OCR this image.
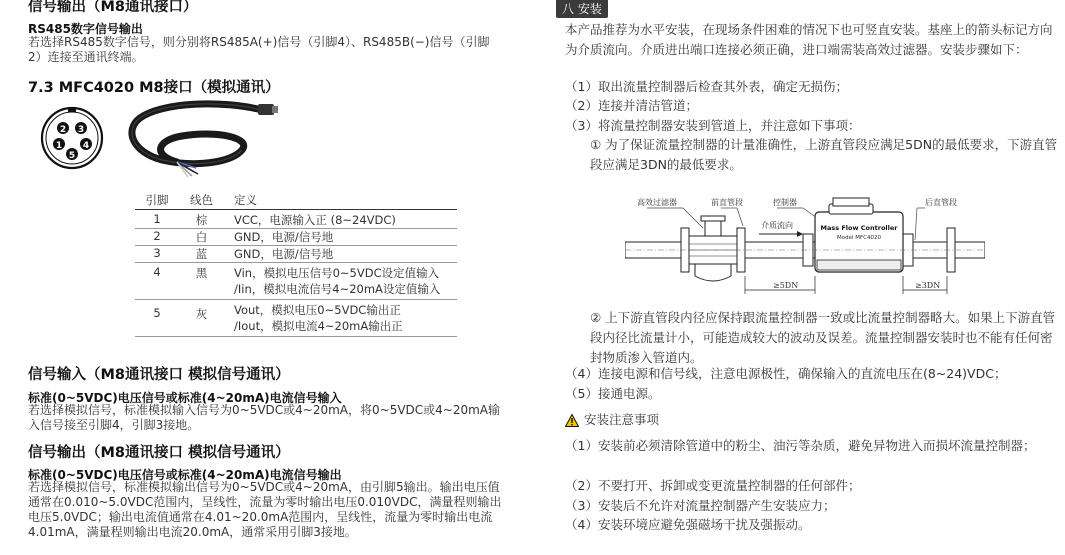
信号输出（M8通讯接口）
RS485数字信号输出
若选择RS485数字信号，则分别将RS485A(+)信号（引脚4）、RS485B(−)信号（引脚2）连接至通讯终端。
7.3 MFC4020 M8接口（模拟通讯）
2 3
1
5
4
引脚	线色	定义
1	棕	VCC，电源输入正 (8~24VDC)
2	白	GND，电源/信号地
3	蓝	GND，电源/信号地
4	黑	Vin，模拟电压信号0~5VDC设定值输入
/Iin，模拟电流信号4~20mA设定值输入

5	灰	Vout，模拟电压0~5VDC输出正
/Iout，模拟电流4~20mA输出正

信号输入（M8通讯接口 模拟信号通讯）
标准(0~5VDC)电压信号或标准(4~20mA)电流信号输入
若选择模拟信号，标准模拟输入信号为0~5VDC或4~20mA，将0~5VDC或4~20mA输入信号接至引脚4，引脚3接地。
信号输出（M8通讯接口 模拟信号通讯）
标准(0~5VDC)电压信号或标准(4~20mA)电流信号输出
若选择模拟信号，标准模拟输出信号为0~5VDC或4~20mA，由引脚5输出。输出电压值通常在0.010~5.0VDC范围内，呈线性，流量为零时输出电压0.010VDC，满量程则输出电压5.0VDC；输出电流值通常在4.01~20.0mA范围内，呈线性，流量为零时输出电流4.01mA，满量程则输出电流20.0mA，通常采用引脚3接地。
八 安装
本产品推荐为水平安装，在现场条件困难的情况下也可竖直安装。基座上的箭头标记方向为介质流向。介质进出端口连接必须正确，进口端需装高效过滤器。安装步骤如下：
（1）取出流量控制器后检查其外表，确定无损伤；
（2）连接并清洁管道；
（3）将流量控制器安装到管道上，并注意如下事项：
① 为了保证流量控制器的计量准确性，上游直管段应满足5DN的最低要求，下游直管段应满足3DN的最低要求。
高效过滤器	前直管段	控制器	后直管段
介质流向
≥5DN	≥3DN
Mass Flow Controller
Model MFC4020
② 上下游直管段内径应保持跟流量控制器一致或比流量控制器略大。如果上下游直管段内径比流量计小，可能造成较大的波动及误差。流量控制器安装时也不能有任何密封物质渗入管道内。
（4）连接电源和信号线，注意电源极性，确保输入的直流电压在(8~24)VDC；
（5）接通电源。
安装注意事项
（1）安装前必须清除管道中的粉尘、油污等杂质，避免异物进入而损坏流量控制器；
（2）不要打开、拆卸或变更流量控制器的任何部件；
（3）安装后不允许对流量控制器产生安装应力；
（4）安装环境应避免强磁场干扰及强振动。
